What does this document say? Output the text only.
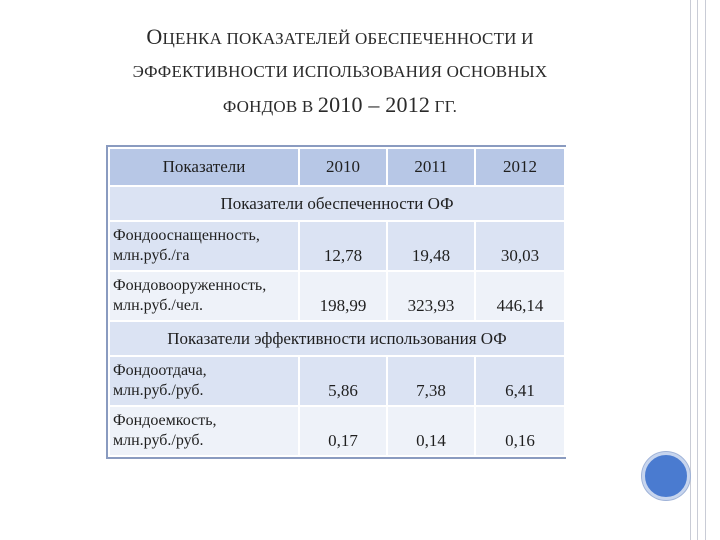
ОЦЕНКА ПОКАЗАТЕЛЕЙ ОБЕСПЕЧЕННОСТИ И
ЭФФЕКТИВНОСТИ ИСПОЛЬЗОВАНИЯ ОСНОВНЫХ
ФОНДОВ В 2010 – 2012 ГГ.
Показатели	2010	2011	2012
Показатели обеспеченности ОФ			

Фондооснащенность,
млн.руб./га	12,78	19,48	30,03

Фондовооруженность,
млн.руб./чел.	198,99	323,93	446,14
Показатели эффективности использования ОФ			

Фондоотдача,
млн.руб./руб.	5,86	7,38	6,41

Фондоемкость,
млн.руб./руб.	0,17	0,14	0,16
